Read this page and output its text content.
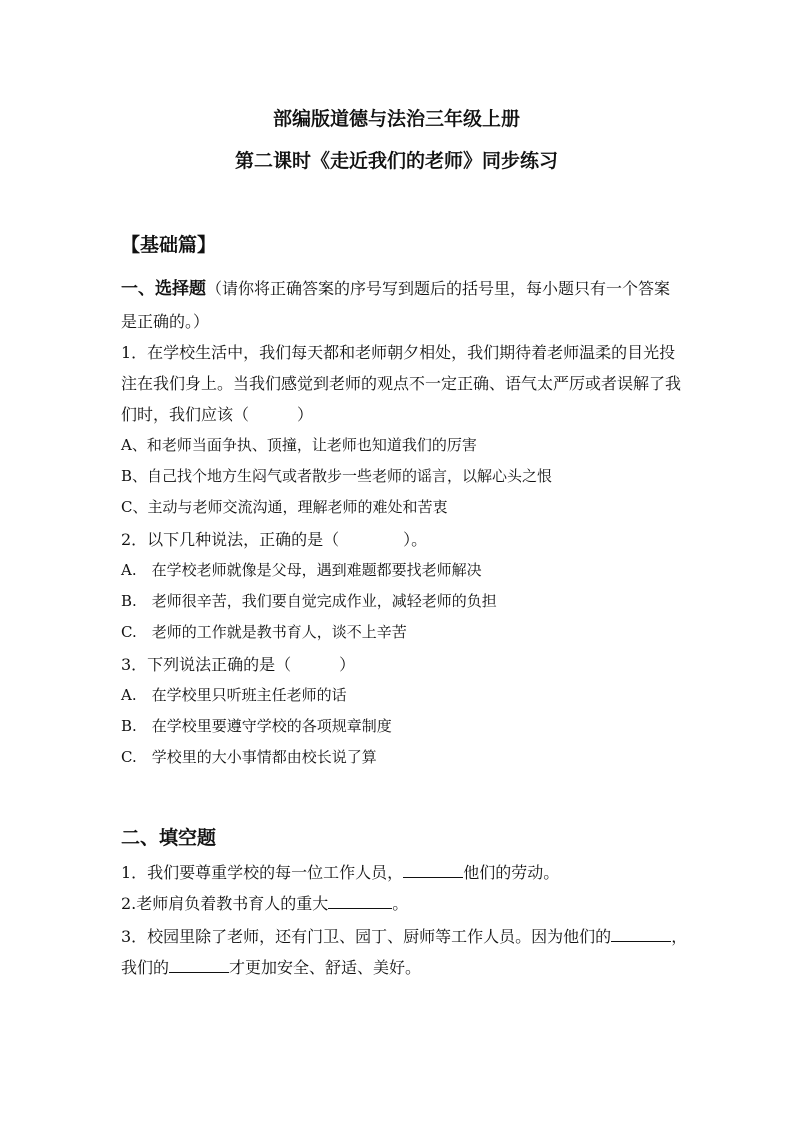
部编版道德与法治三年级上册
第二课时《走近我们的老师》同步练习
【基础篇】
一、选择题（请你将正确答案的序号写到题后的括号里，每小题只有一个答案
是正确的。）
1．在学校生活中，我们每天都和老师朝夕相处，我们期待着老师温柔的目光投
注在我们身上。当我们感觉到老师的观点不一定正确、语气太严厉或者误解了我
们时，我们应该（　　　）
A、和老师当面争执、顶撞，让老师也知道我们的厉害
B、自己找个地方生闷气或者散步一些老师的谣言，以解心头之恨
C、主动与老师交流沟通，理解老师的难处和苦衷
2．以下几种说法，正确的是（　　　　）。
A.　在学校老师就像是父母，遇到难题都要找老师解决
B.　老师很辛苦，我们要自觉完成作业，减轻老师的负担
C.　老师的工作就是教书育人，谈不上辛苦
3．下列说法正确的是（　　　）
A.　在学校里只听班主任老师的话
B.　在学校里要遵守学校的各项规章制度
C.　学校里的大小事情都由校长说了算
二、填空题
1．我们要尊重学校的每一位工作人员，	他们的劳动。
2.老师肩负着教书育人的重大	。
3．校园里除了老师，还有门卫、园丁、厨师等工作人员。因为他们的	，
我们的	才更加安全、舒适、美好。
